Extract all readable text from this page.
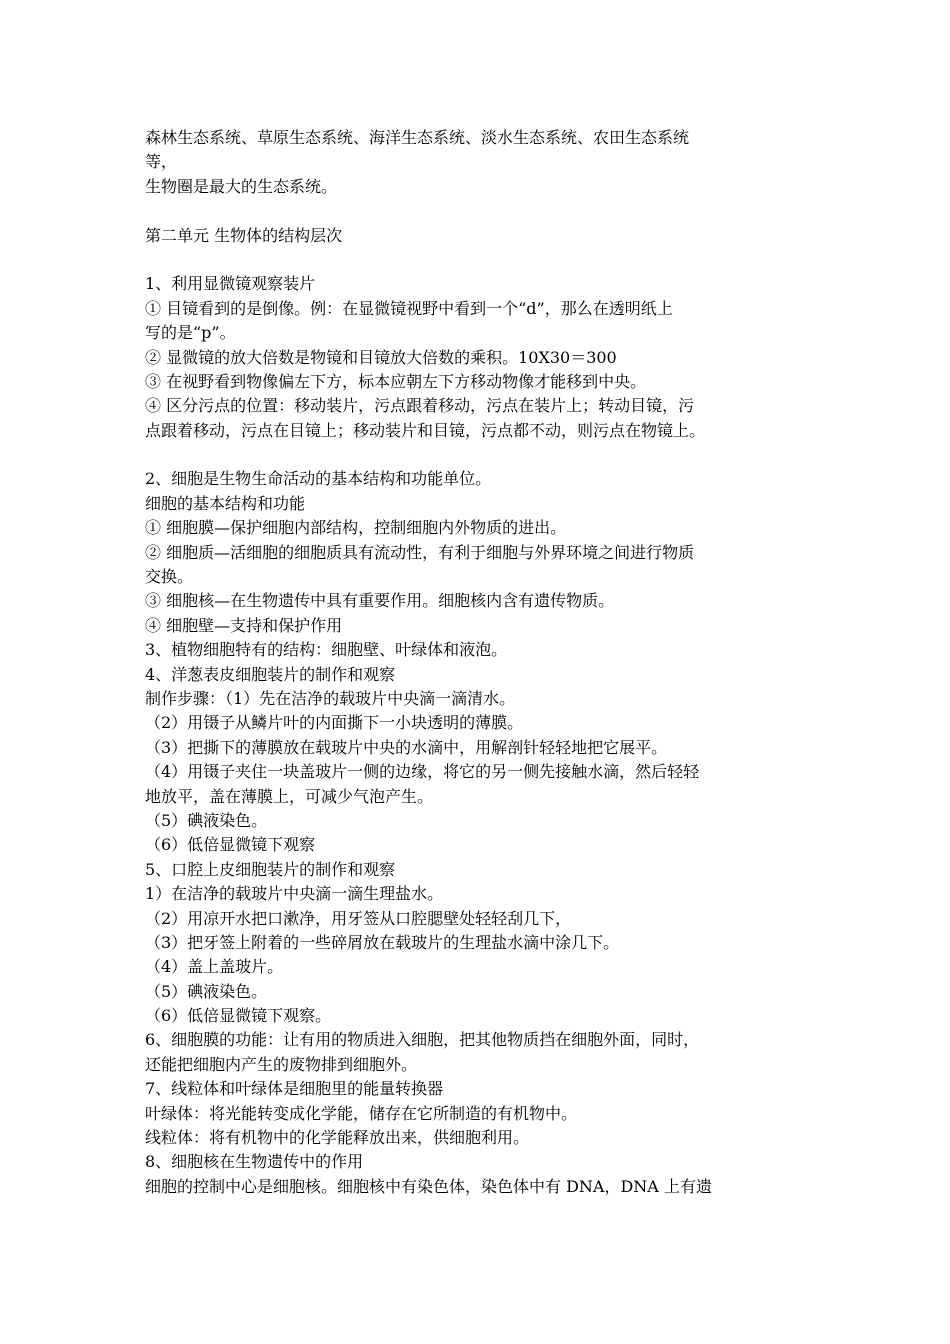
森林生态系统、草原生态系统、海洋生态系统、淡水生态系统、农田生态系统
等，
生物圈是最大的生态系统。
第二单元 生物体的结构层次
1、利用显微镜观察装片
① 目镜看到的是倒像。例：在显微镜视野中看到一个“d”，那么在透明纸上
写的是“p”。
② 显微镜的放大倍数是物镜和目镜放大倍数的乘积。10X30＝300
③ 在视野看到物像偏左下方，标本应朝左下方移动物像才能移到中央。
④ 区分污点的位置：移动装片，污点跟着移动，污点在装片上；转动目镜，污
点跟着移动，污点在目镜上；移动装片和目镜，污点都不动，则污点在物镜上。
2、细胞是生物生命活动的基本结构和功能单位。
细胞的基本结构和功能
① 细胞膜—保护细胞内部结构，控制细胞内外物质的进出。
② 细胞质—活细胞的细胞质具有流动性，有利于细胞与外界环境之间进行物质
交换。
③ 细胞核—在生物遗传中具有重要作用。细胞核内含有遗传物质。
④ 细胞壁—支持和保护作用
3、植物细胞特有的结构：细胞壁、叶绿体和液泡。
4、洋葱表皮细胞装片的制作和观察
制作步骤：（1）先在洁净的载玻片中央滴一滴清水。
（2）用镊子从鳞片叶的内面撕下一小块透明的薄膜。
（3）把撕下的薄膜放在载玻片中央的水滴中，用解剖针轻轻地把它展平。
（4）用镊子夹住一块盖玻片一侧的边缘，将它的另一侧先接触水滴，然后轻轻
地放平，盖在薄膜上，可减少气泡产生。
（5）碘液染色。
（6）低倍显微镜下观察
5、口腔上皮细胞装片的制作和观察
1）在洁净的载玻片中央滴一滴生理盐水。
（2）用凉开水把口漱净，用牙签从口腔腮壁处轻轻刮几下，
（3）把牙签上附着的一些碎屑放在载玻片的生理盐水滴中涂几下。
（4）盖上盖玻片。
（5）碘液染色。
（6）低倍显微镜下观察。
6、细胞膜的功能：让有用的物质进入细胞，把其他物质挡在细胞外面，同时，
还能把细胞内产生的废物排到细胞外。
7、线粒体和叶绿体是细胞里的能量转换器
叶绿体：将光能转变成化学能，储存在它所制造的有机物中。
线粒体：将有机物中的化学能释放出来，供细胞利用。
8、细胞核在生物遗传中的作用
细胞的控制中心是细胞核。细胞核中有染色体，染色体中有 DNA，DNA 上有遗
